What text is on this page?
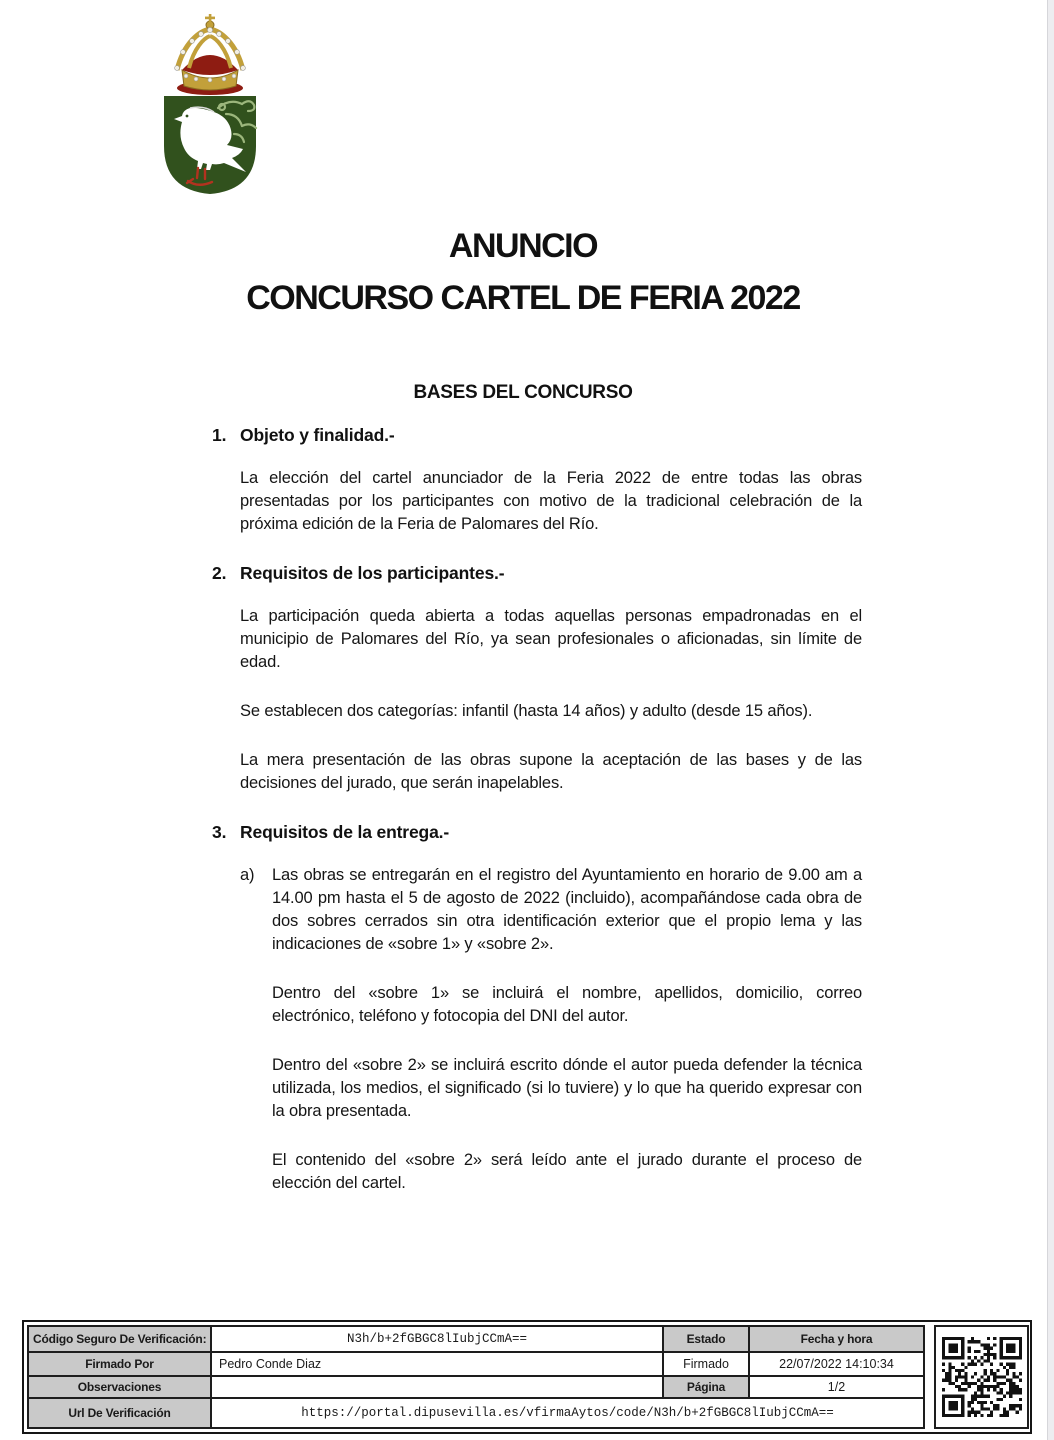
ANUNCIO
CONCURSO CARTEL DE FERIA 2022
BASES DEL CONCURSO
1. Objeto y finalidad.-

La elección del cartel anunciador de la Feria 2022 de entre todas las obras presentadas por los participantes con motivo de la tradicional celebración de la próxima edición de la Feria de Palomares del Río.

2. Requisitos de los participantes.-

La participación queda abierta a todas aquellas personas empadronadas en el municipio de Palomares del Río, ya sean profesionales o aficionadas, sin límite de edad.

Se establecen dos categorías: infantil (hasta 14 años) y adulto (desde 15 años).

La mera presentación de las obras supone la aceptación de las bases y de las decisiones del jurado, que serán inapelables.

3. Requisitos de la entrega.-
a)	Las obras se entregarán en el registro del Ayuntamiento en horario de 9.00 am a 14.00 pm hasta el 5 de agosto de 2022 (incluido), acompañándose cada obra de dos sobres cerrados sin otra identificación exterior que el propio lema y las indicaciones de «sobre 1» y «sobre 2».

Dentro del «sobre 1» se incluirá el nombre, apellidos, domicilio, correo electrónico, teléfono y fotocopia del DNI del autor.

Dentro del «sobre 2» se incluirá escrito dónde el autor pueda defender la técnica utilizada, los medios, el significado (si lo tuviere) y lo que ha querido expresar con la obra presentada.

El contenido del «sobre 2» será leído ante el jurado durante el proceso de elección del cartel.

Código Seguro De Verificación:	N3h/b+2fGBGC8lIubjCCmA==	Estado	Fecha y hora
Firmado Por	Pedro Conde Diaz	Firmado	22/07/2022 14:10:34
Observaciones		Página	1/2
Url De Verificación	https://portal.dipusevilla.es/vfirmaAytos/code/N3h/b+2fGBGC8lIubjCCmA==		
